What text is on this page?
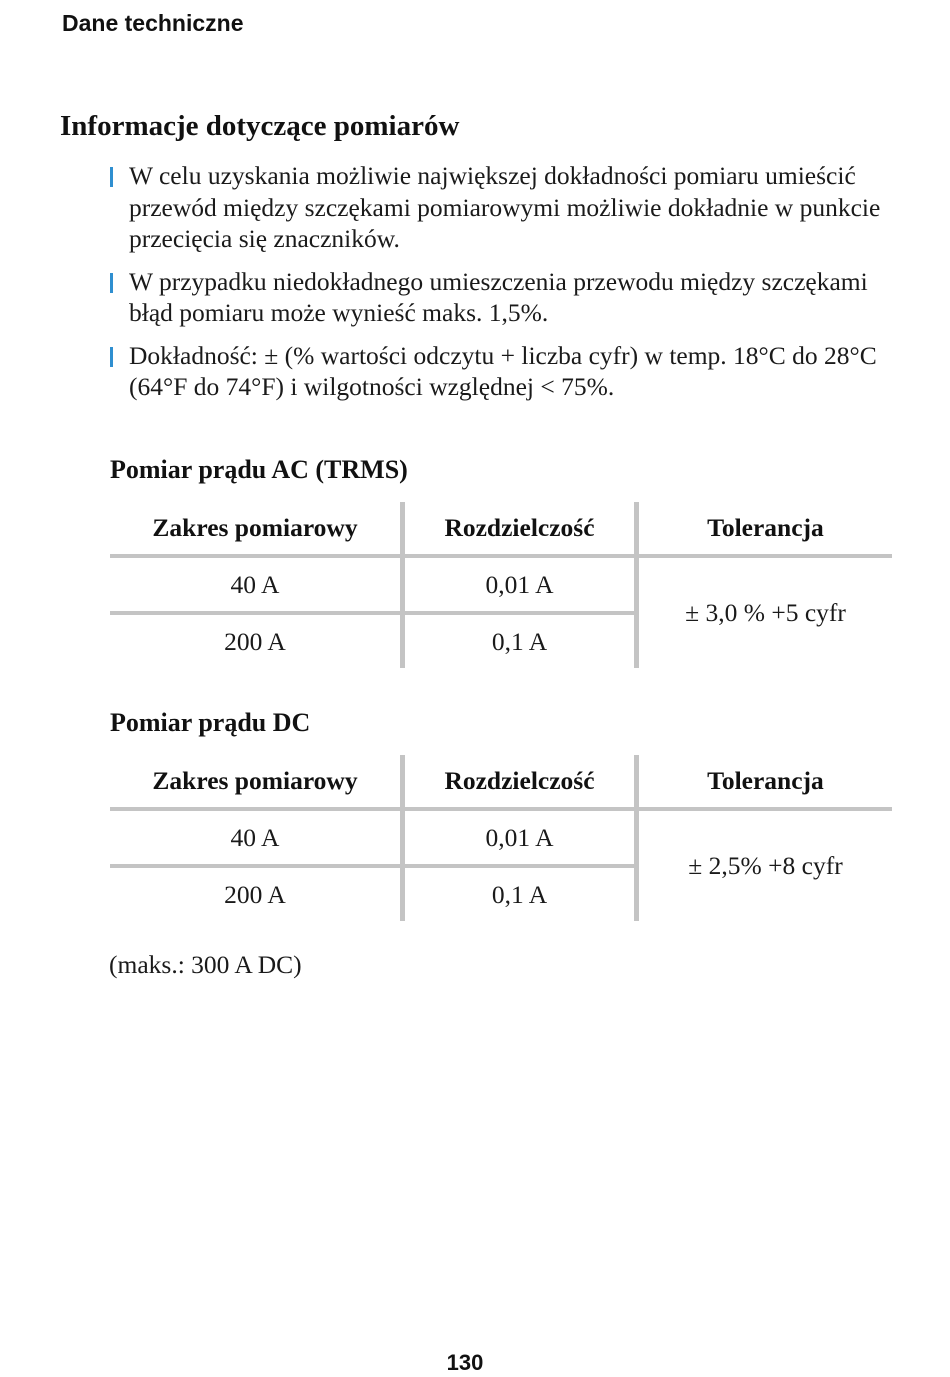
Dane techniczne
Informacje dotyczące pomiarów
W celu uzyskania możliwie największej dokładności pomiaru umieścić przewód między szczękami pomiarowymi możliwie dokładnie w punkcie przecięcia się znaczników.
W przypadku niedokładnego umieszczenia przewodu między szczękami błąd pomiaru może wynieść maks. 1,5%.
Dokładność: ± (% wartości odczytu + liczba cyfr) w temp. 18°C do 28°C (64°F do 74°F) i wilgotności względnej < 75%.
Pomiar prądu AC (TRMS)
Zakres pomiarowy	Rozdzielczość	Tolerancja
40 A	0,01 A
200 A	0,1 A
± 3,0 % +5 cyfr
Pomiar prądu DC
Zakres pomiarowy	Rozdzielczość	Tolerancja
40 A	0,01 A
200 A	0,1 A
± 2,5% +8 cyfr
(maks.: 300 A DC)
130
